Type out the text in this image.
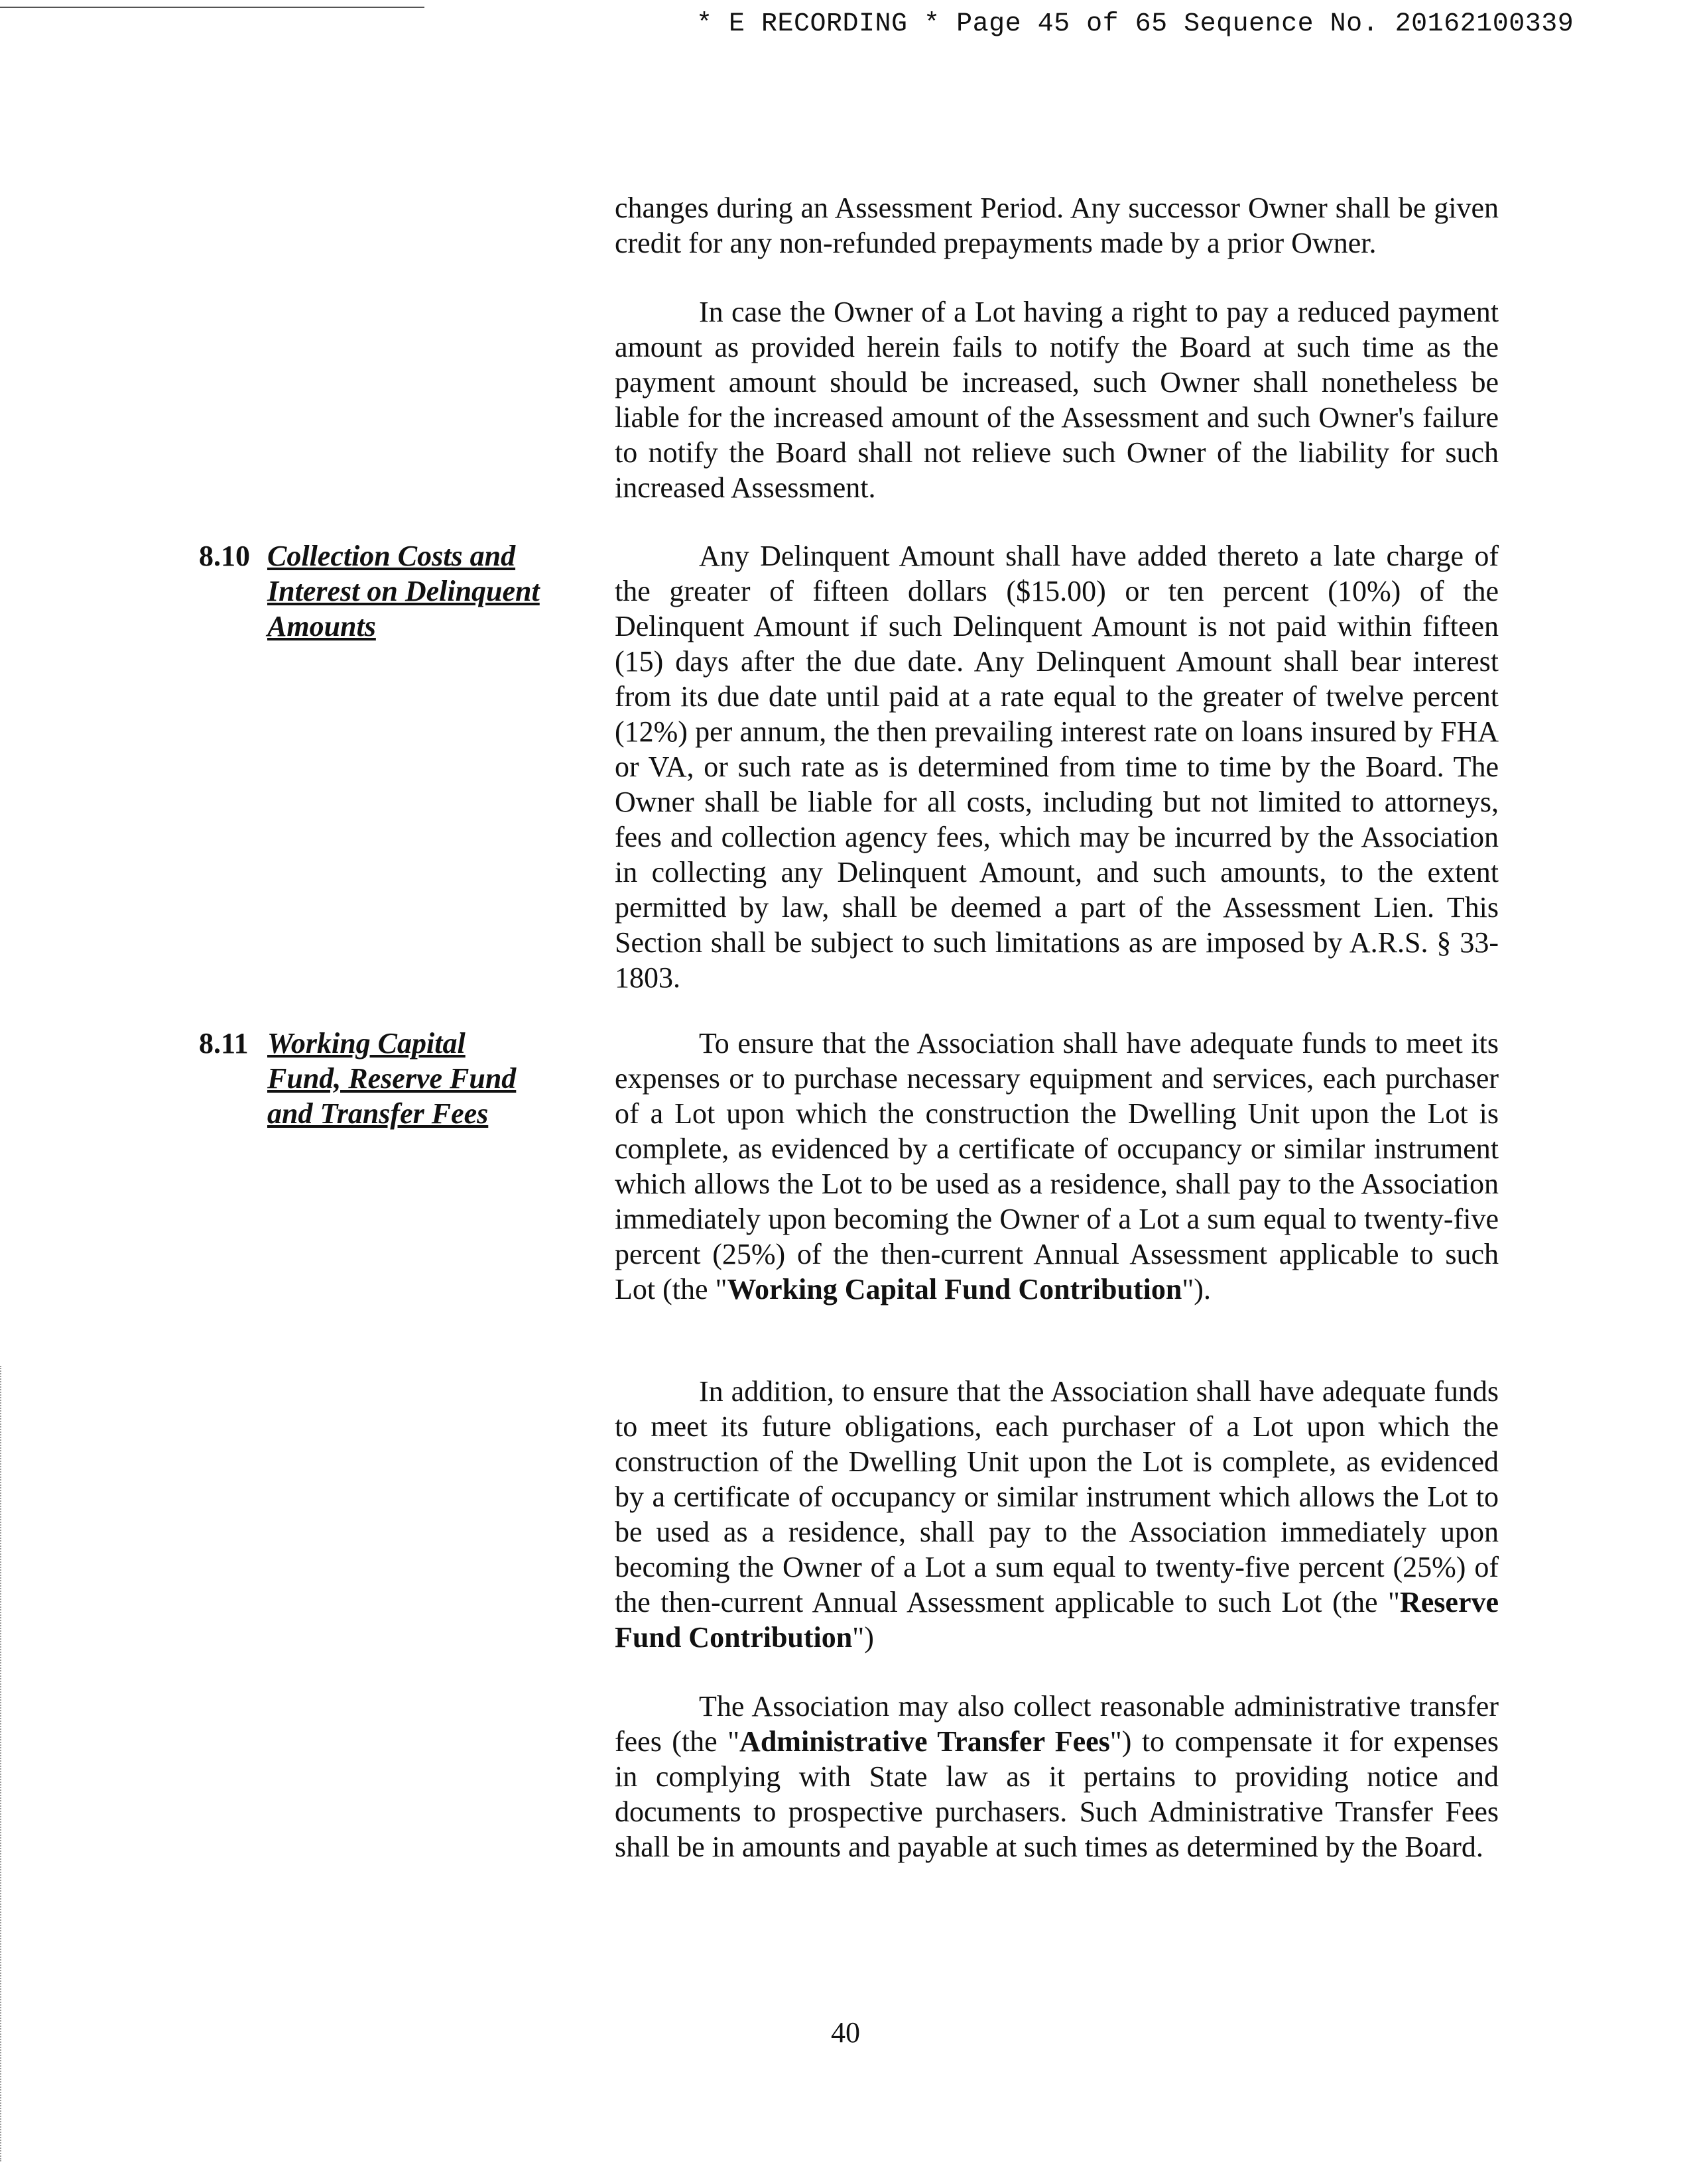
* E RECORDING * Page 45 of 65 Sequence No. 20162100339

changes during an Assessment Period. Any successor Owner shall be given credit for any non-refunded prepayments made by a prior Owner.

In case the Owner of a Lot having a right to pay a reduced payment amount as provided herein fails to notify the Board at such time as the payment amount should be increased, such Owner shall nonetheless be liable for the increased amount of the Assessment and such Owner's failure to notify the Board shall not relieve such Owner of the liability for such increased Assessment.

8.10 Collection Costs and Interest on Delinquent Amounts

Any Delinquent Amount shall have added thereto a late charge of the greater of fifteen dollars ($15.00) or ten percent (10%) of the Delinquent Amount if such Delinquent Amount is not paid within fifteen (15) days after the due date. Any Delinquent Amount shall bear interest from its due date until paid at a rate equal to the greater of twelve percent (12%) per annum, the then prevailing interest rate on loans insured by FHA or VA, or such rate as is determined from time to time by the Board. The Owner shall be liable for all costs, including but not limited to attorneys, fees and collection agency fees, which may be incurred by the Association in collecting any Delinquent Amount, and such amounts, to the extent permitted by law, shall be deemed a part of the Assessment Lien. This Section shall be subject to such limitations as are imposed by A.R.S. § 33-1803.

8.11 Working Capital Fund, Reserve Fund and Transfer Fees

To ensure that the Association shall have adequate funds to meet its expenses or to purchase necessary equipment and services, each purchaser of a Lot upon which the construction the Dwelling Unit upon the Lot is complete, as evidenced by a certificate of occupancy or similar instrument which allows the Lot to be used as a residence, shall pay to the Association immediately upon becoming the Owner of a Lot a sum equal to twenty-five percent (25%) of the then-current Annual Assessment applicable to such Lot (the "Working Capital Fund Contribution").

In addition, to ensure that the Association shall have adequate funds to meet its future obligations, each purchaser of a Lot upon which the construction of the Dwelling Unit upon the Lot is complete, as evidenced by a certificate of occupancy or similar instrument which allows the Lot to be used as a residence, shall pay to the Association immediately upon becoming the Owner of a Lot a sum equal to twenty-five percent (25%) of the then-current Annual Assessment applicable to such Lot (the "Reserve Fund Contribution")

The Association may also collect reasonable administrative transfer fees (the "Administrative Transfer Fees") to compensate it for expenses in complying with State law as it pertains to providing notice and documents to prospective purchasers. Such Administrative Transfer Fees shall be in amounts and payable at such times as determined by the Board.

40
